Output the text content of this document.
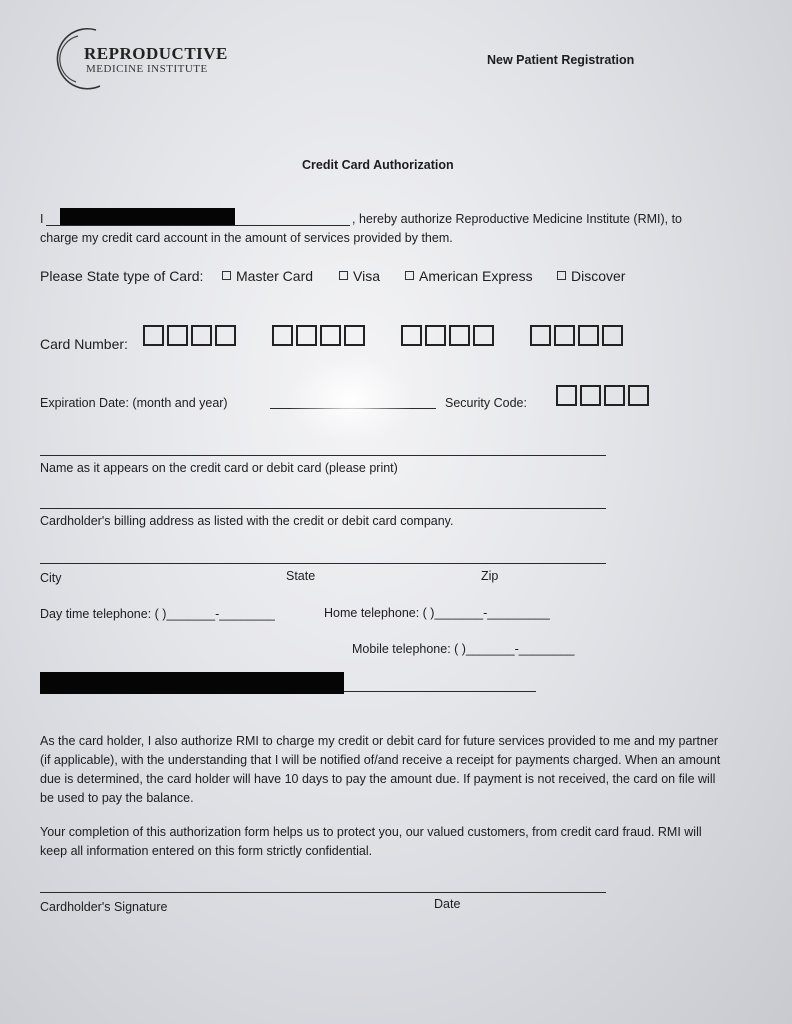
REPRODUCTIVE
MEDICINE INSTITUTE
New Patient Registration
Credit Card Authorization
I	, hereby authorize Reproductive Medicine Institute (RMI), to
charge my credit card account in the amount of services provided by them.
Please State type of Card:	Master Card	Visa	American Express	Discover
Card Number:
Expiration Date: (month and year)	Security Code:
Name as it appears on the credit card or debit card (please print)
Cardholder's billing address as listed with the credit or debit card company.
City	State	Zip
Day time telephone: ( )_______-________	Home telephone: ( )_______-_________
Mobile telephone: ( )_______-________
As the card holder, I also authorize RMI to charge my credit or debit card for future services provided to me and my partner (if applicable), with the understanding that I will be notified of/and receive a receipt for payments charged. When an amount due is determined, the card holder will have 10 days to pay the amount due. If payment is not received, the card on file will be used to pay the balance.
Your completion of this authorization form helps us to protect you, our valued customers, from credit card fraud. RMI will keep all information entered on this form strictly confidential.
Cardholder's Signature	Date
